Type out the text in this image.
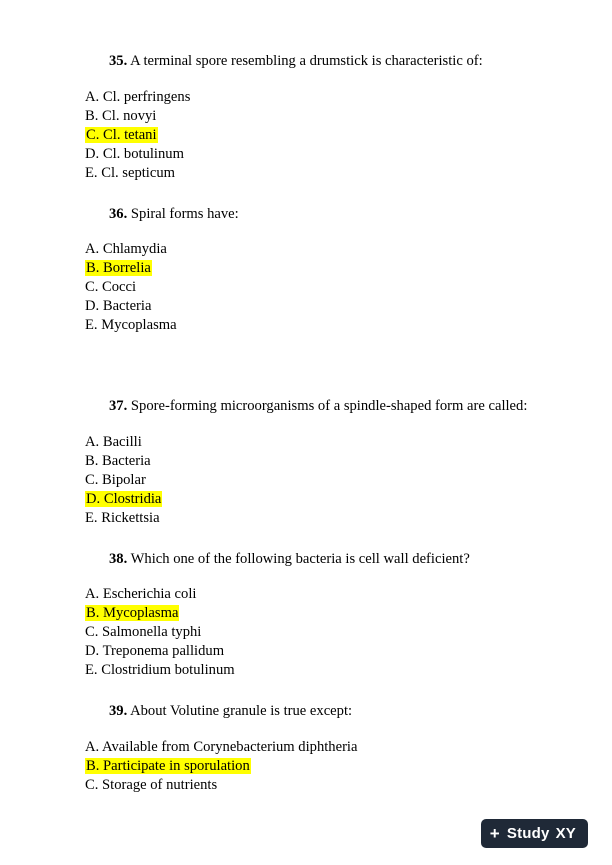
35. A terminal spore resembling a drumstick is characteristic of:

A. Cl. perfringens
B. Cl. novyi
C. Cl. tetani
D. Cl. botulinum
E. Cl. septicum

36. Spiral forms have:

A. Chlamydia
B. Borrelia
C. Cocci
D. Bacteria
E. Mycoplasma

37. Spore-forming microorganisms of a spindle-shaped form are called:

A. Bacilli
B. Bacteria
C. Bipolar
D. Clostridia
E. Rickettsia

38. Which one of the following bacteria is cell wall deficient?

A. Escherichia coli
B. Mycoplasma
C. Salmonella typhi
D. Treponema pallidum
E. Clostridium botulinum

39. About Volutine granule is true except:

A. Available from Corynebacterium diphtheria
B. Participate in sporulation
C. Storage of nutrients
+ Study XY
